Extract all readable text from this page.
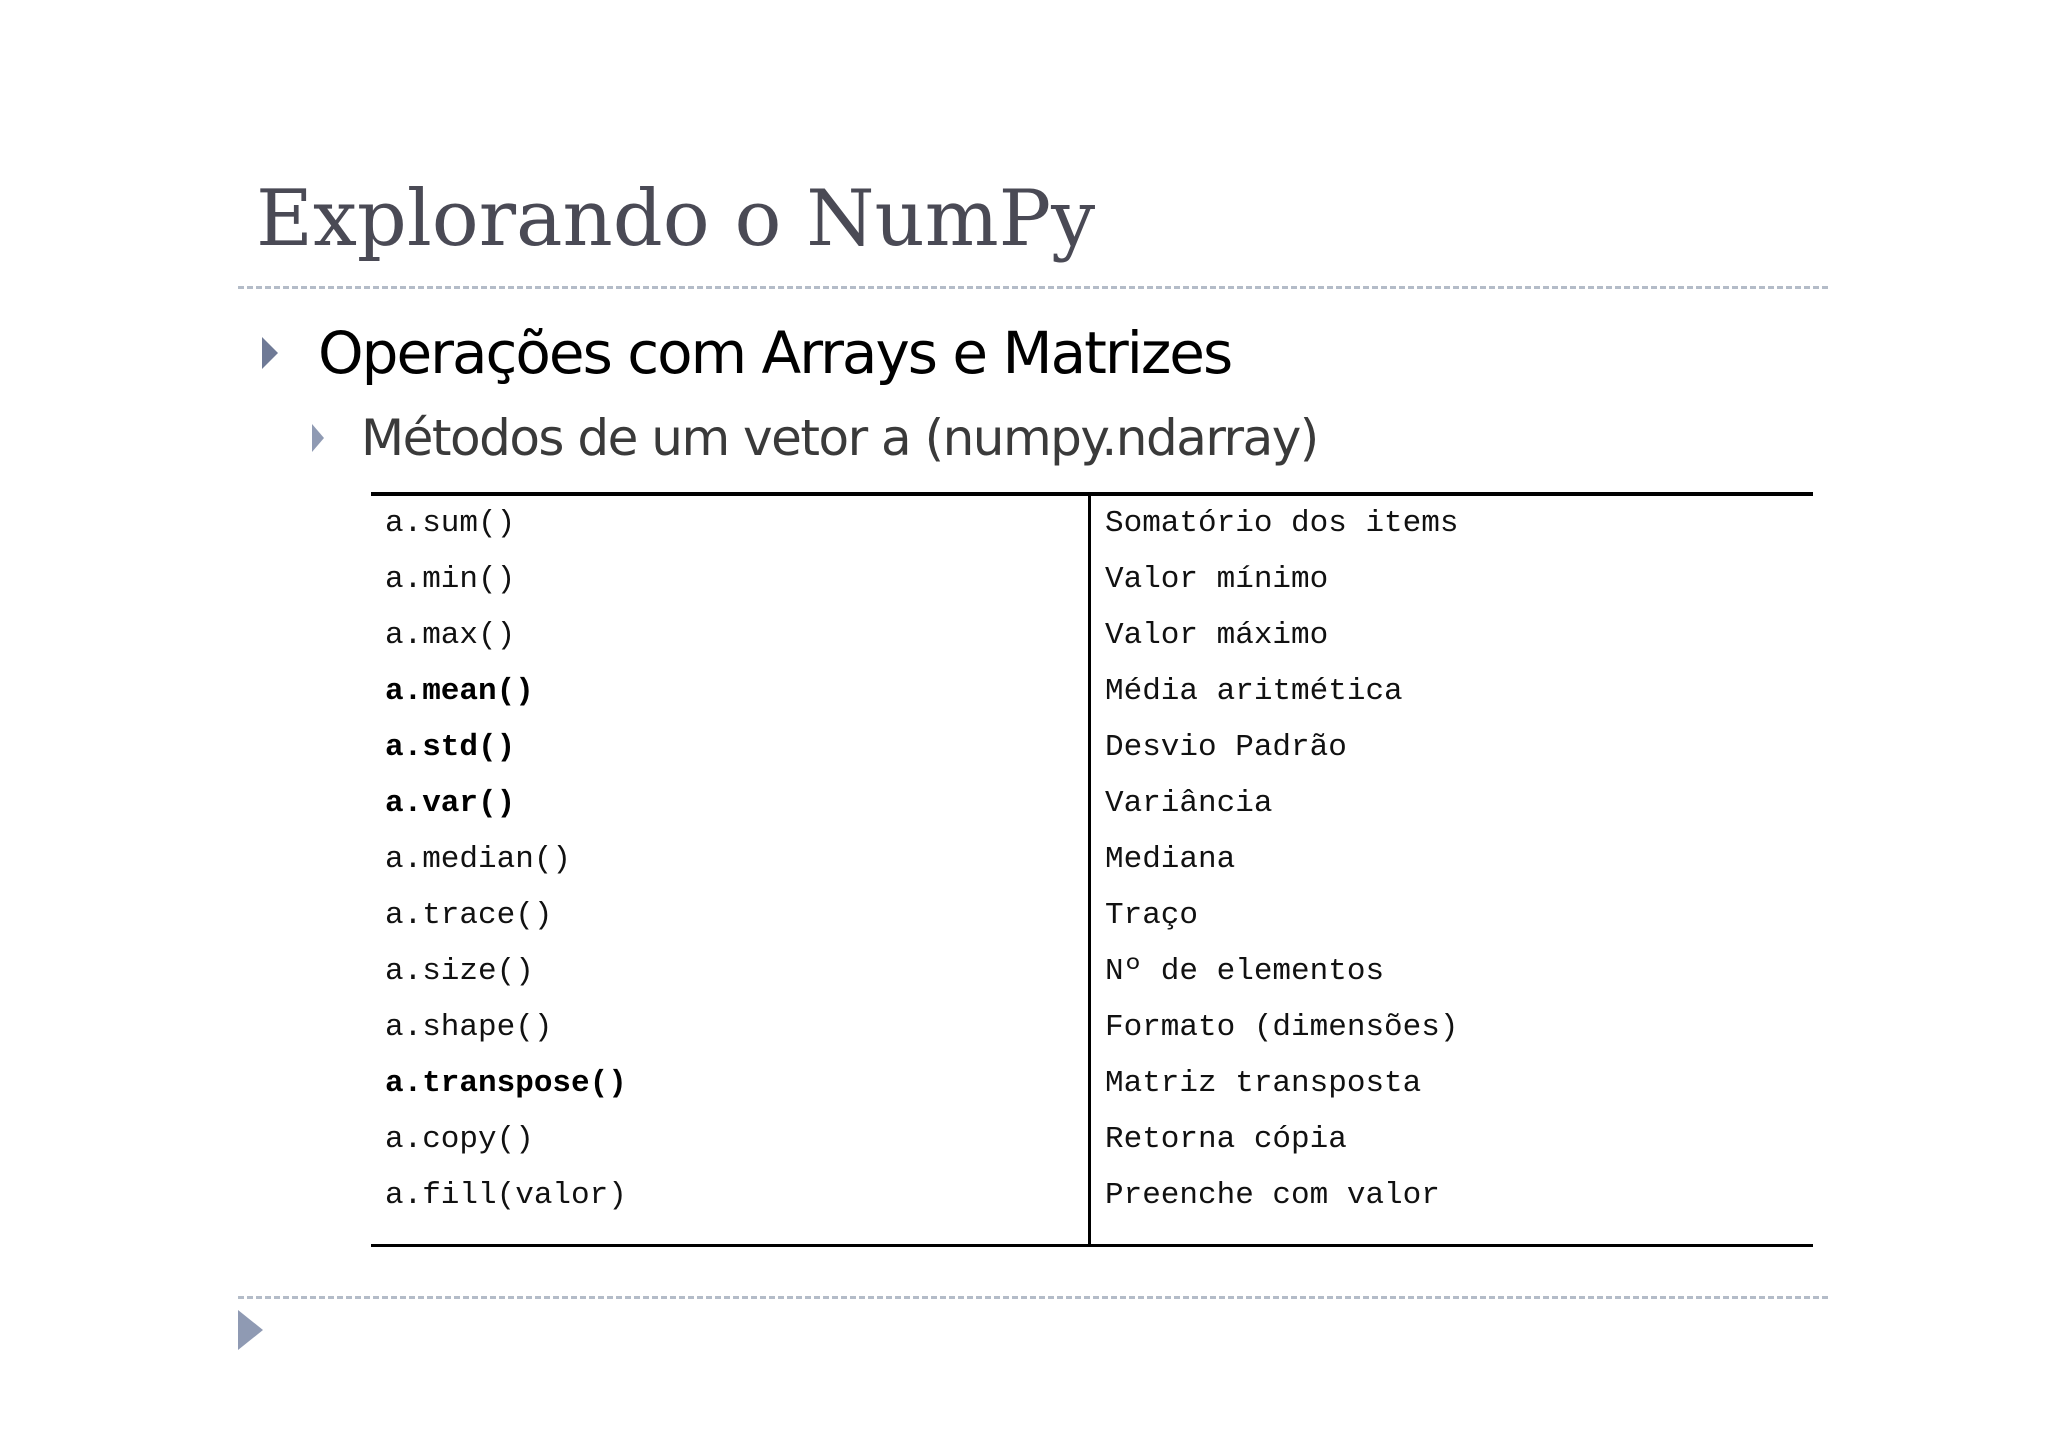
Explorando o NumPy
Operações com Arrays e Matrizes
Métodos de um vetor a (numpy.ndarray)
a.sum()
a.min()
a.max()
a.mean()
a.std()
a.var()
a.median()
a.trace()
a.size()
a.shape()
a.transpose()
a.copy()
a.fill(valor)
Somatório dos items
Valor mínimo
Valor máximo
Média aritmética
Desvio Padrão
Variância
Mediana
Traço
Nº de elementos
Formato (dimensões)
Matriz transposta
Retorna cópia
Preenche com valor
